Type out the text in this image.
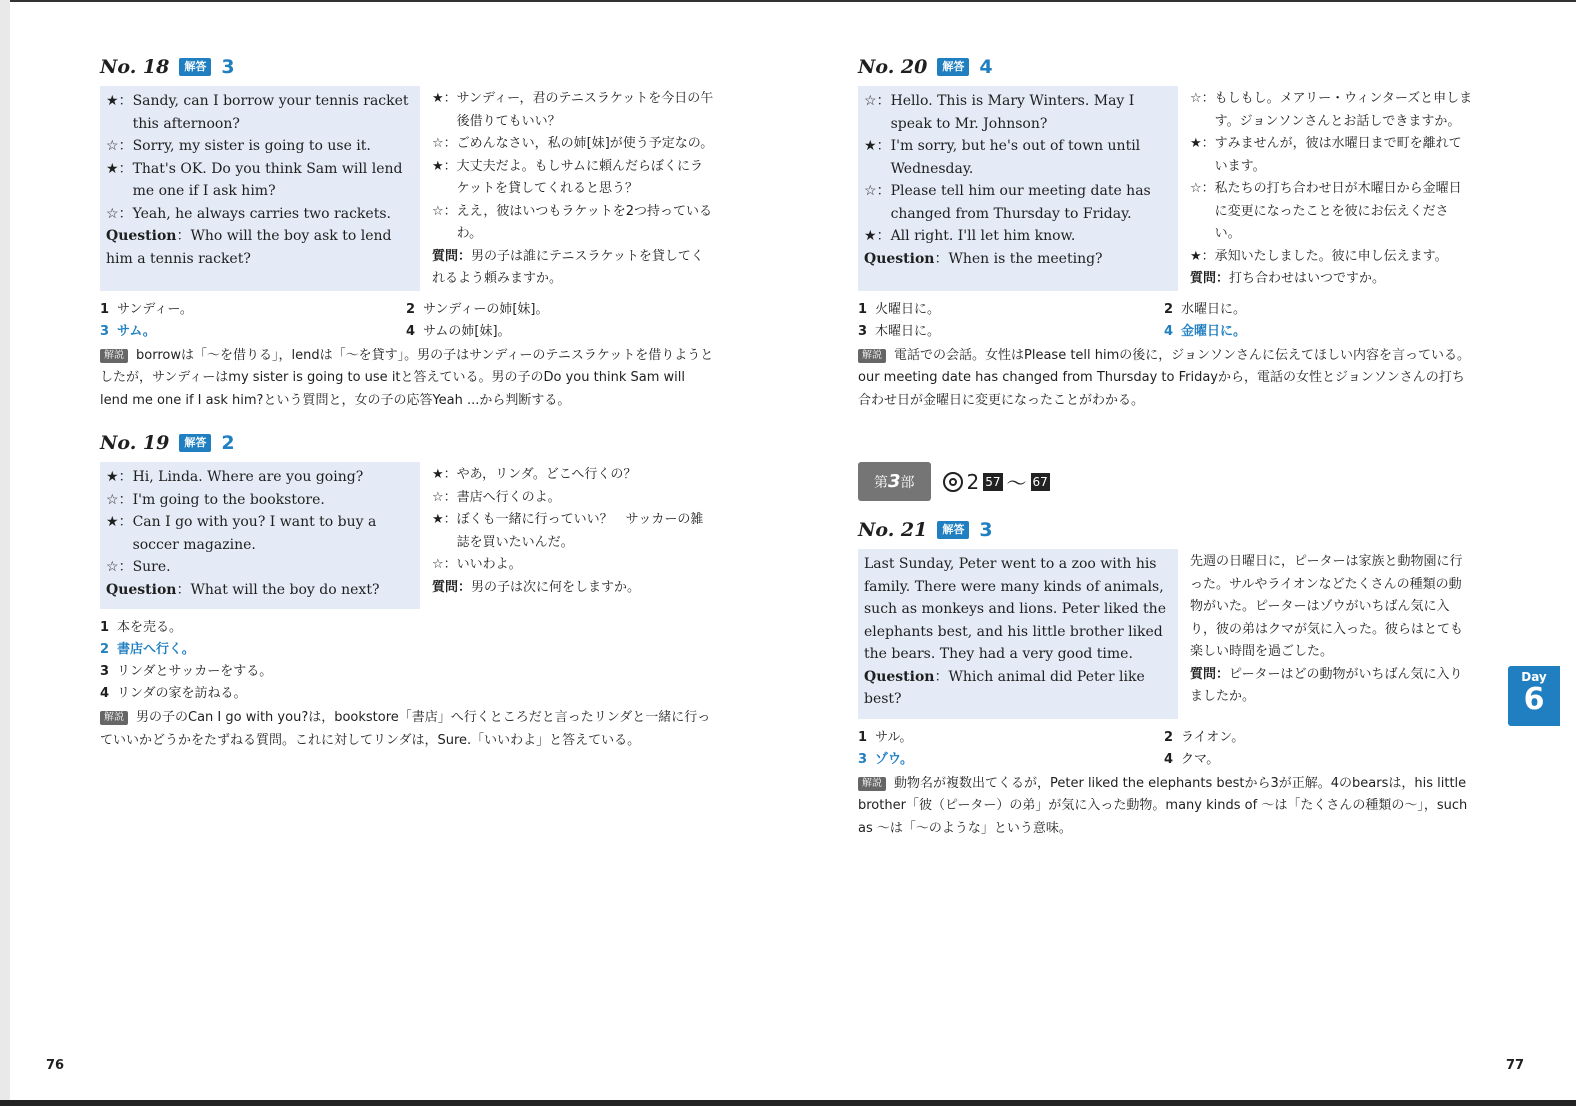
No. 18	解答 3
★： Sandy, can I borrow your tennis racket this afternoon?
☆： Sorry, my sister is going to use it.
★： That's OK. Do you think Sam will lend me one if I ask him?
☆： Yeah, he always carries two rackets.
Question：Who will the boy ask to lend him a tennis racket?
★： サンディー，君のテニスラケットを今日の午後借りてもいい？
☆： ごめんなさい，私の姉[妹]が使う予定なの。
★： 大丈夫だよ。もしサムに頼んだらぼくにラケットを貸してくれると思う？
☆： ええ，彼はいつもラケットを2つ持っているわ。
質問：男の子は誰にテニスラケットを貸してくれるよう頼みますか。
1 サンディー。	2 サンディーの姉[妹]。
3 サム。	4 サムの姉[妹]。
解説 borrowは「～を借りる」，lendは「～を貸す」。男の子はサンディーのテニスラケットを借りようとしたが，サンディーはmy sister is going to use itと答えている。男の子のDo you think Sam will lend me one if I ask him?という質問と，女の子の応答Yeah ...から判断する。
No. 19	解答 2
★： Hi, Linda. Where are you going?
☆： I'm going to the bookstore.
★： Can I go with you? I want to buy a soccer magazine.
☆： Sure.
Question：What will the boy do next?
★： やあ，リンダ。どこへ行くの？
☆： 書店へ行くのよ。
★： ぼくも一緒に行っていい？　サッカーの雑誌を買いたいんだ。
☆： いいわよ。
質問：男の子は次に何をしますか。
1 本を売る。
2 書店へ行く。
3 リンダとサッカーをする。
4 リンダの家を訪ねる。
解説 男の子のCan I go with you?は，bookstore「書店」へ行くところだと言ったリンダと一緒に行っていいかどうかをたずねる質問。これに対してリンダは，Sure.「いいわよ」と答えている。
No. 20	解答 4
☆： Hello. This is Mary Winters. May I speak to Mr. Johnson?
★： I'm sorry, but he's out of town until Wednesday.
☆： Please tell him our meeting date has changed from Thursday to Friday.
★： All right. I'll let him know.
Question：When is the meeting?
☆： もしもし。メアリー・ウィンターズと申します。ジョンソンさんとお話しできますか。
★： すみませんが，彼は水曜日まで町を離れています。
☆： 私たちの打ち合わせ日が木曜日から金曜日に変更になったことを彼にお伝えください。
★： 承知いたしました。彼に申し伝えます。
質問：打ち合わせはいつですか。
1 火曜日に。	2 水曜日に。
3 木曜日に。	4 金曜日に。
解説 電話での会話。女性はPlease tell himの後に，ジョンソンさんに伝えてほしい内容を言っている。our meeting date has changed from Thursday to Fridayから，電話の女性とジョンソンさんの打ち合わせ日が金曜日に変更になったことがわかる。
第3部	2 57 〜 67
No. 21	解答 3
Last Sunday, Peter went to a zoo with his family. There were many kinds of animals, such as monkeys and lions. Peter liked the elephants best, and his little brother liked the bears. They had a very good time.
Question：Which animal did Peter like best?
先週の日曜日に，ピーターは家族と動物園に行った。サルやライオンなどたくさんの種類の動物がいた。ピーターはゾウがいちばん気に入り，彼の弟はクマが気に入った。彼らはとても楽しい時間を過ごした。
質問：ピーターはどの動物がいちばん気に入りましたか。
1 サル。	2 ライオン。
3 ゾウ。	4 クマ。
解説 動物名が複数出てくるが，Peter liked the elephants bestから3が正解。4のbearsは，his little brother「彼（ピーター）の弟」が気に入った動物。many kinds of ～は「たくさんの種類の～」，such as ～は「～のような」という意味。
Day
6
76	77
